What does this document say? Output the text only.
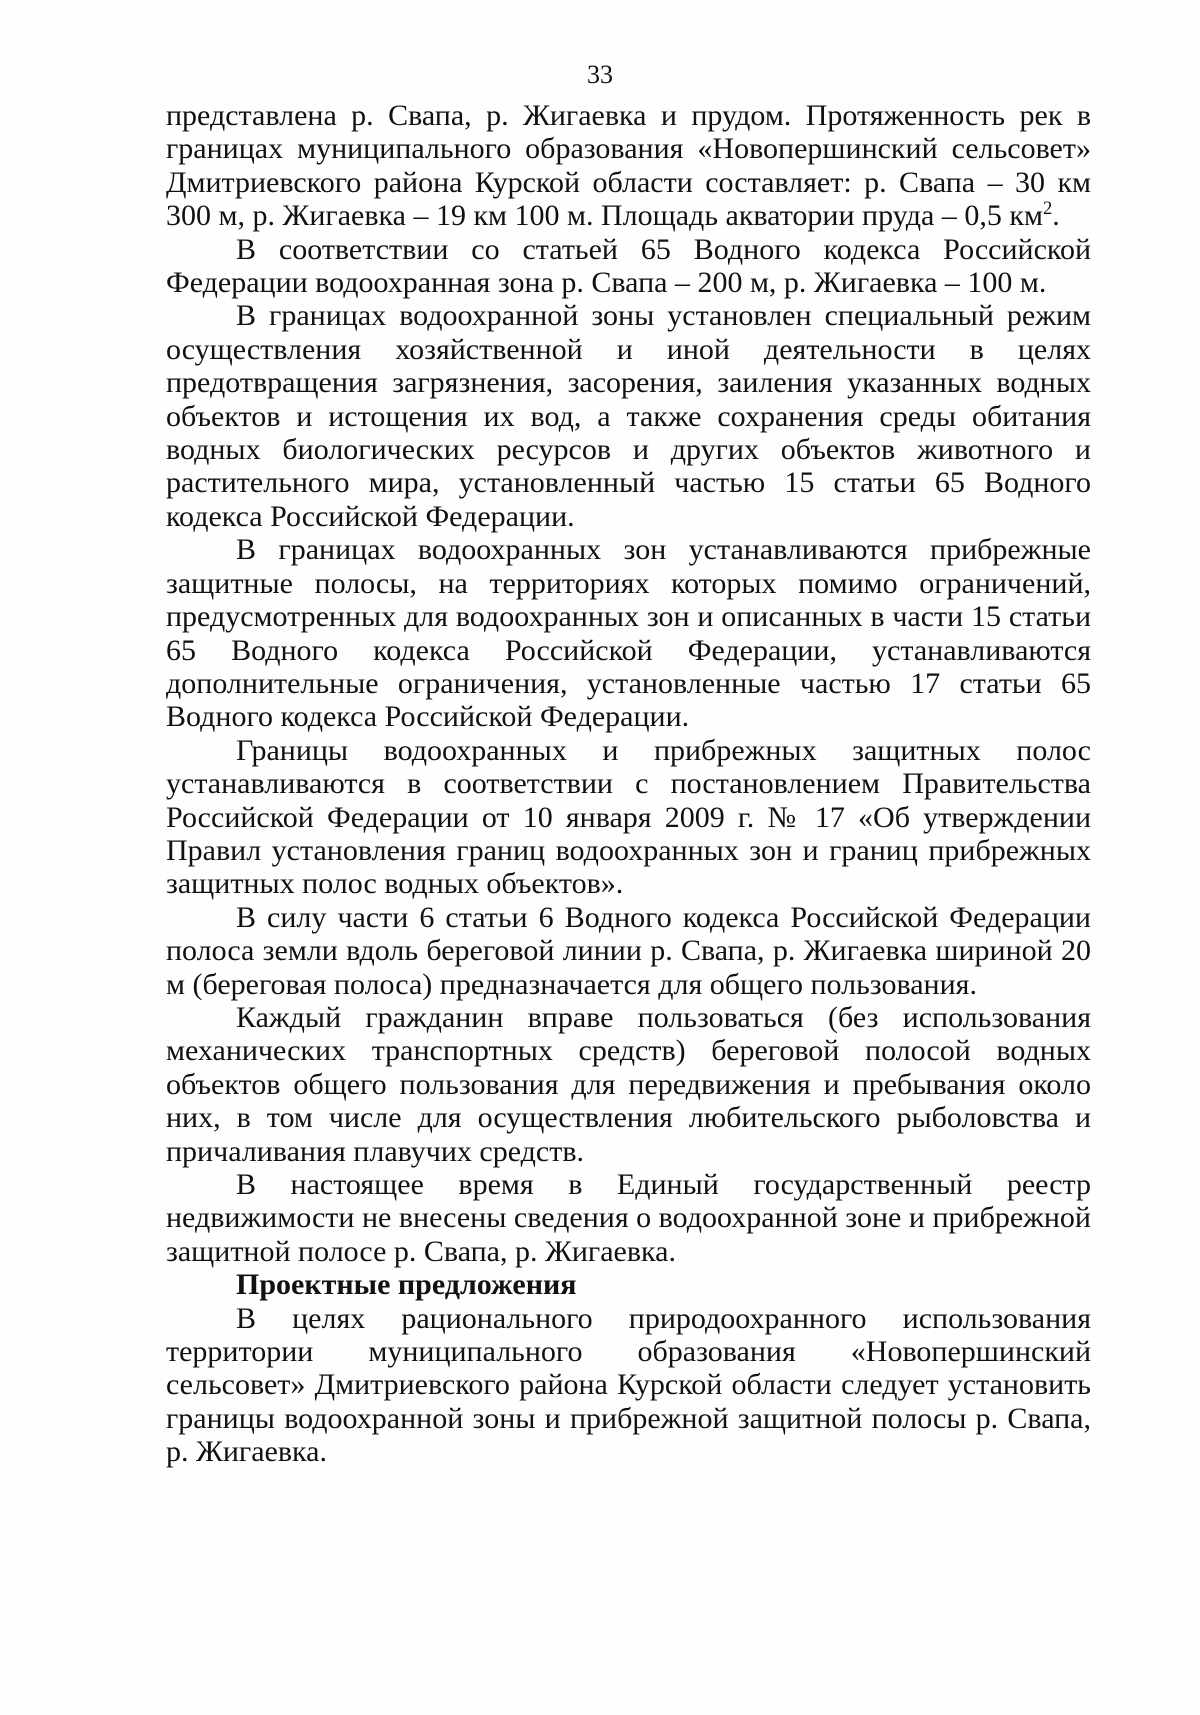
33

представлена р. Свапа, р. Жигаевка и прудом. Протяженность рек в границах муниципального образования «Новопершинский сельсовет» Дмитриевского района Курской области составляет: р. Свапа – 30 км 300 м, р. Жигаевка – 19 км 100 м. Площадь акватории пруда – 0,5 $км^2$.

В соответствии со статьей 65 Водного кодекса Российской Федерации водоохранная зона р. Свапа – 200 м, р. Жигаевка – 100 м.

В границах водоохранной зоны установлен специальный режим осуществления хозяйственной и иной деятельности в целях предотвращения загрязнения, засорения, заиления указанных водных объектов и истощения их вод, а также сохранения среды обитания водных биологических ресурсов и других объектов животного и растительного мира, установленный частью 15 статьи 65 Водного кодекса Российской Федерации.

В границах водоохранных зон устанавливаются прибрежные защитные полосы, на территориях которых помимо ограничений, предусмотренных для водоохранных зон и описанных в части 15 статьи 65 Водного кодекса Российской Федерации, устанавливаются дополнительные ограничения, установленные частью 17 статьи 65 Водного кодекса Российской Федерации.

Границы водоохранных и прибрежных защитных полос устанавливаются в соответствии с постановлением Правительства Российской Федерации от 10 января 2009 г. № 17 «Об утверждении Правил установления границ водоохранных зон и границ прибрежных защитных полос водных объектов».

В силу части 6 статьи 6 Водного кодекса Российской Федерации полоса земли вдоль береговой линии р. Свапа, р. Жигаевка шириной 20 м (береговая полоса) предназначается для общего пользования.

Каждый гражданин вправе пользоваться (без использования механических транспортных средств) береговой полосой водных объектов общего пользования для передвижения и пребывания около них, в том числе для осуществления любительского рыболовства и причаливания плавучих средств.

В настоящее время в Единый государственный реестр недвижимости не внесены сведения о водоохранной зоне и прибрежной защитной полосе р. Свапа, р. Жигаевка.

Проектные предложения

В целях рационального природоохранного использования территории муниципального образования «Новопершинский сельсовет» Дмитриевского района Курской области следует установить границы водоохранной зоны и прибрежной защитной полосы р. Свапа, р. Жигаевка.
